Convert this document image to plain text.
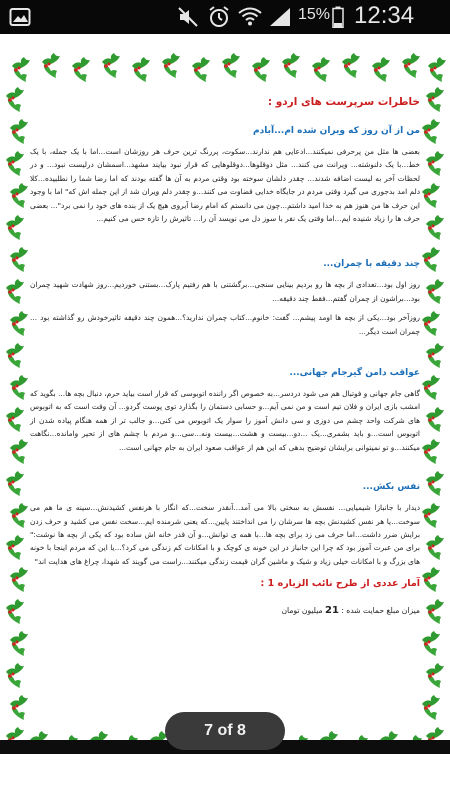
15% 12:34
خاطرات سرپرست های اردو :
من از آن روز که ویران شده ام...آبادم

بعضی ها مثل من پرحرفی نمیکنند...ادعایی هم ندارند...سکوت، پررنگ ترین حرف هر روزشان است...اما با یک جمله، با یک خط...با یک دلنوشته... ویرانت می کنند... مثل دوقلوها...دوقلوهایی که قرار نبود بیایند مشهد...اسمشان درلیست نبود... و در لحظات آخر به لیست اضافه شدند... چقدر دلشان سوخته بود وقتی مردم به آن ها گفته بودند که اما رضا شما را نطلبیده...کلا دلم امد بدجوری می گیرد وقتی مردم در جایگاه خدایی قضاوت می کنند...و چقدر دلم ویران شد از این جمله اش که" اما با وجود این حرف ها من هنوز هم به خدا امید داشتم...چون می دانستم که امام رضا آبروی هیچ یک از بنده های خود را نمی برد"... بعضی حرف ها را زیاد شنیده ایم...اما وقتی یک نفر با سوز دل می نویسد آن را... تاثیرش را تازه حس می کنیم...

چند دقیقه با چمران...

روز اول بود...تعدادی از بچه ها رو بردیم بینایی سنجی...برگشتنی با هم رفتیم پارک...بستنی خوردیم...روز شهادت شهید چمران بود...براشون از چمران گفتم...فقط چند دقیقه...

روزآخر بود...یکی از بچه ها اومد پیشم... گفت: خانوم...کتاب چمران ندارید؟...همون چند دقیقه تاثیرخودش رو گذاشته بود ... چمران است دیگر...

عواقب دامن گیرجام جهانی...

گاهی جام جهانی و فوتبال هم می شود دردسر...به خصوص اگر راننده اتوبوسی که قرار است بیاید حرم، دنبال بچه ها... بگوید که امشب بازی ایران و فلان تیم است و من نمی آیم...و حسابی دستمان را بگذارد توی پوست گردو... آن وقت است که به اتوبوس های شرکت واحد چشم می دوزی و سی دانش آموز را سوار یک اتوبوس می کنی...و جالب تر از همه هنگام پیاده شدن از اتوبوس است...و باید بشمری...یک ...دو...بیست و هشت...بیست ونه...سی...و مردم با چشم های از تحیر وامانده...نگاهت میکنند...و تو نمیتوانی برایشان توضیح بدهی که این هم از عواقب صعود ایران به جام جهانی است...

نفس بکش...

دیدار با جانبازا شیمیایی... نفسش به سختی بالا می آمد...آنقدر سخت...که انگار با هرنفس کشیدنش...سینه ی ما هم می سوخت...یا هر نفس کشیدنش بچه ها سرشان را می انداختند پایین...که یعنی شرمنده ایم...سخت نفس می کشید و حرف زدن برایش ضرر داشت...اما حرف می زد برای بچه ها...با همه ی توانش...و آن قدر خانه اش ساده بود که یکی از بچه ها نوشت:" برای من عبرت آموز بود که چرا این جانباز در این خونه ی کوچک و با امکانات کم زندگی می کرد؟...یا این که مردم اینجا با خونه های بزرگ و با امکانات خیلی زیاد و شیک و ماشین گران قیمت زندگی میکنند...راست می گویند که شهدا، چراغ های هدایت اند"

آمار عددی از طرح نائب الزیاره 1 :
میزان مبلغ حمایت شده : 21 میلیون تومان
7 of 8
